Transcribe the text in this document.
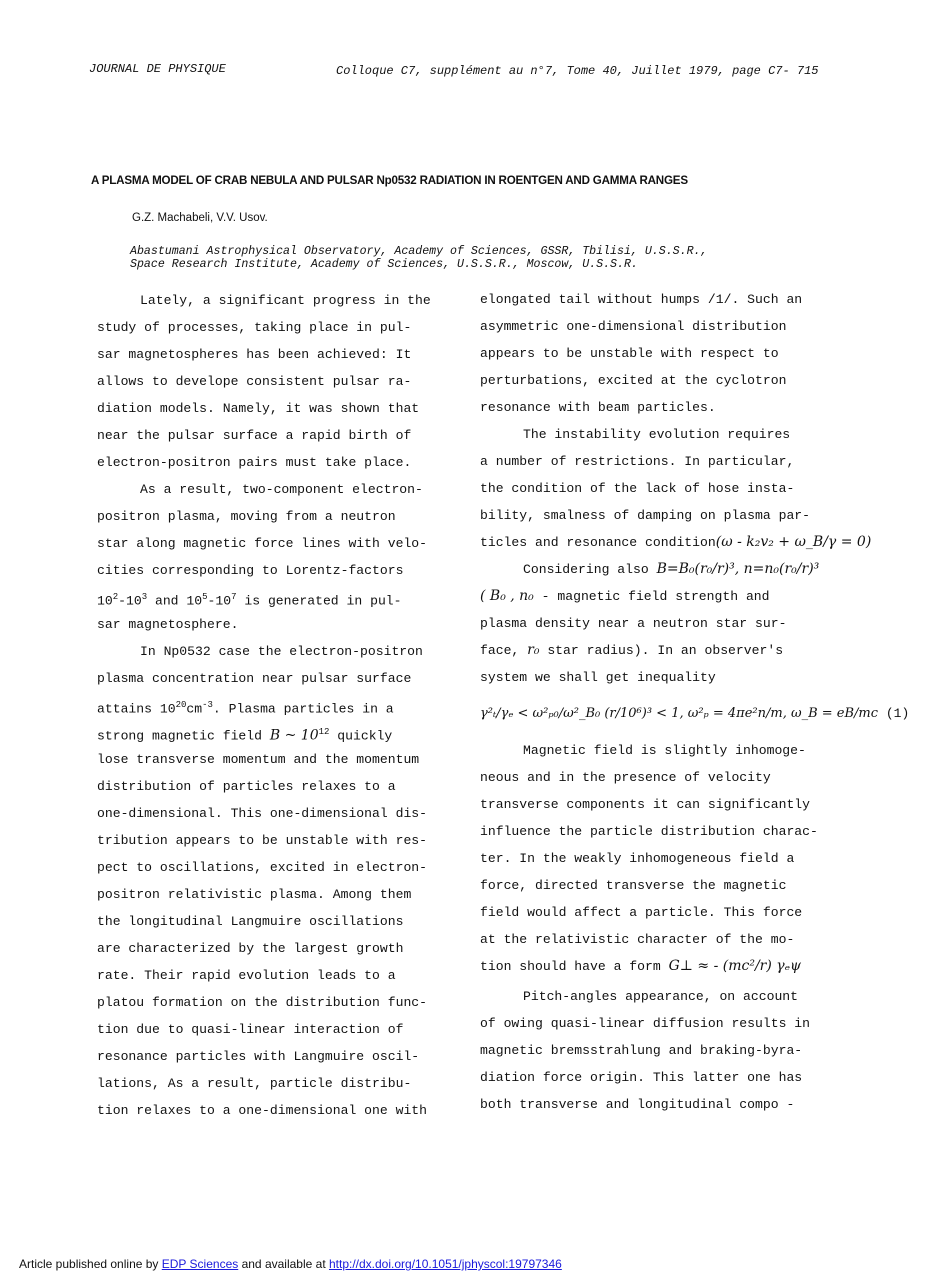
JOURNAL DE PHYSIQUE	Colloque C7, supplément au n°7, Tome 40, Juillet 1979, page C7- 715
A PLASMA MODEL OF CRAB NEBULA AND PULSAR Np0532 RADIATION IN ROENTGEN AND GAMMA RANGES
G.Z. Machabeli, V.V. Usov.
Abastumani Astrophysical Observatory, Academy of Sciences, GSSR, Tbilisi, U.S.S.R.,
Space Research Institute, Academy of Sciences, U.S.S.R., Moscow, U.S.S.R.
Lately, a significant progress in the
study of processes, taking place in pul-
sar magnetospheres has been achieved: It
allows to develope consistent pulsar ra-
diation models. Namely, it was shown that
near the pulsar surface a rapid birth of
electron-positron pairs must take place.
As a result, two-component electron-
positron plasma, moving from a neutron
star along magnetic force lines with velo-
cities corresponding to Lorentz-factors
$10^2-10^3$ and $10^5-10^7$ is generated in pul-
sar magnetosphere.
In Np0532 case the electron-positron
plasma concentration near pulsar surface
attains $10^{20}cm^{-3}$. Plasma particles in a
strong magnetic field B ~ $10^{12}$ quickly
lose transverse momentum and the momentum
distribution of particles relaxes to a
one-dimensional. This one-dimensional dis-
tribution appears to be unstable with res-
pect to oscillations, excited in electron-
positron relativistic plasma. Among them
the longitudinal Langmuire oscillations
are characterized by the largest growth
rate. Their rapid evolution leads to a
platou formation on the distribution func-
tion due to quasi-linear interaction of
resonance particles with Langmuire oscil-
lations, As a result, particle distribu-
tion relaxes to a one-dimensional one with
elongated tail without humps /1/. Such an
asymmetric one-dimensional distribution
appears to be unstable with respect to
perturbations, excited at the cyclotron
resonance with beam particles.
The instability evolution requires
a number of restrictions. In particular,
the condition of the lack of hose insta-
bility, smalness of damping on plasma par-
ticles and resonance condition(ω - k₂v₂ + ω_B/γ = 0)
Considering also B=B₀(r₀/r)³, n=n₀(r₀/r)³
( B₀ , n₀ - magnetic field strength and
plasma density near a neutron star sur-
face, r₀ star radius). In an observer's
system we shall get inequality
γ²ₜ/γₑ < ω²ₚ₀/ω²_B₀ (r/10⁶)³ < 1, ω²ₚ = 4πe²n/m, ω_B = eB/mc (1)
Magnetic field is slightly inhomoge-
neous and in the presence of velocity
transverse components it can significantly
influence the particle distribution charac-
ter. In the weakly inhomogeneous field a
force, directed transverse the magnetic
field would affect a particle. This force
at the relativistic character of the mo-
tion should have a form G⊥ ≈ - (mc²/r) γₑψ
Pitch-angles appearance, on account
of owing quasi-linear diffusion results in
magnetic bremsstrahlung and braking-byra-
diation force origin. This latter one has
both transverse and longitudinal compo -
Article published online by EDP Sciences and available at http://dx.doi.org/10.1051/jphyscol:19797346
